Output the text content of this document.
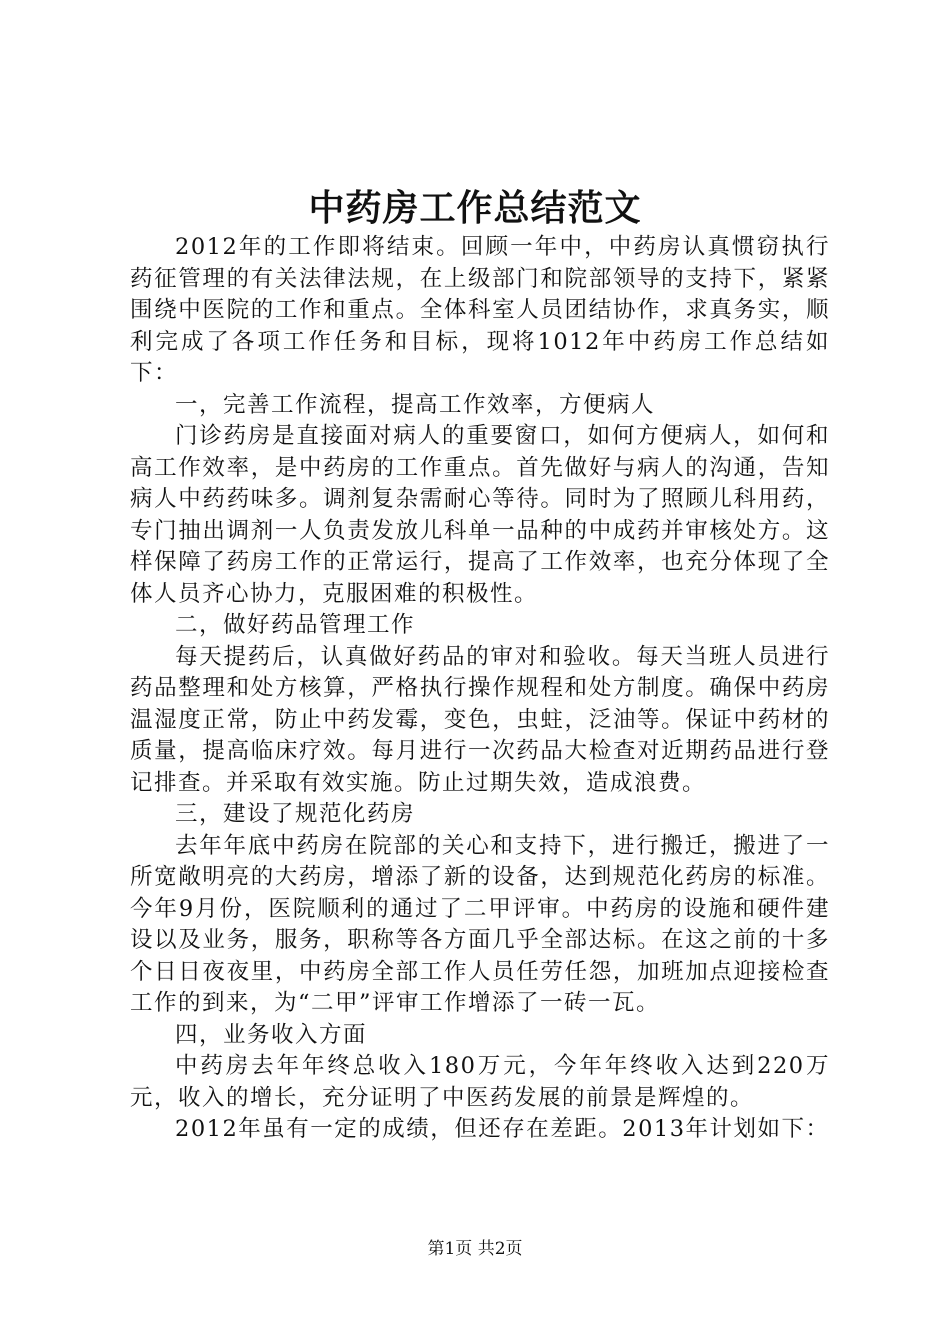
中药房工作总结范文

2012年的工作即将结束。回顾一年中，中药房认真惯窃执行药征管理的有关法律法规，在上级部门和院部领导的支持下，紧紧围绕中医院的工作和重点。全体科室人员团结协作，求真务实，顺利完成了各项工作任务和目标，现将1012年中药房工作总结如下：

一，完善工作流程，提高工作效率，方便病人

门诊药房是直接面对病人的重要窗口，如何方便病人，如何和高工作效率，是中药房的工作重点。首先做好与病人的沟通，告知病人中药药味多。调剂复杂需耐心等待。同时为了照顾儿科用药，专门抽出调剂一人负责发放儿科单一品种的中成药并审核处方。这样保障了药房工作的正常运行，提高了工作效率，也充分体现了全体人员齐心协力，克服困难的积极性。

二，做好药品管理工作

每天提药后，认真做好药品的审对和验收。每天当班人员进行药品整理和处方核算，严格执行操作规程和处方制度。确保中药房温湿度正常，防止中药发霉，变色，虫蛀，泛油等。保证中药材的质量，提高临床疗效。每月进行一次药品大检查对近期药品进行登记排查。并采取有效实施。防止过期失效，造成浪费。

三，建设了规范化药房

去年年底中药房在院部的关心和支持下，进行搬迁，搬进了一所宽敞明亮的大药房，增添了新的设备，达到规范化药房的标准。今年9月份，医院顺利的通过了二甲评审。中药房的设施和硬件建设以及业务，服务，职称等各方面几乎全部达标。在这之前的十多个日日夜夜里，中药房全部工作人员任劳任怨，加班加点迎接检查工作的到来，为“二甲”评审工作增添了一砖一瓦。

四，业务收入方面

中药房去年年终总收入180万元，今年年终收入达到220万元，收入的增长，充分证明了中医药发展的前景是辉煌的。

2012年虽有一定的成绩，但还存在差距。2013年计划如下：

第1页 共2页
